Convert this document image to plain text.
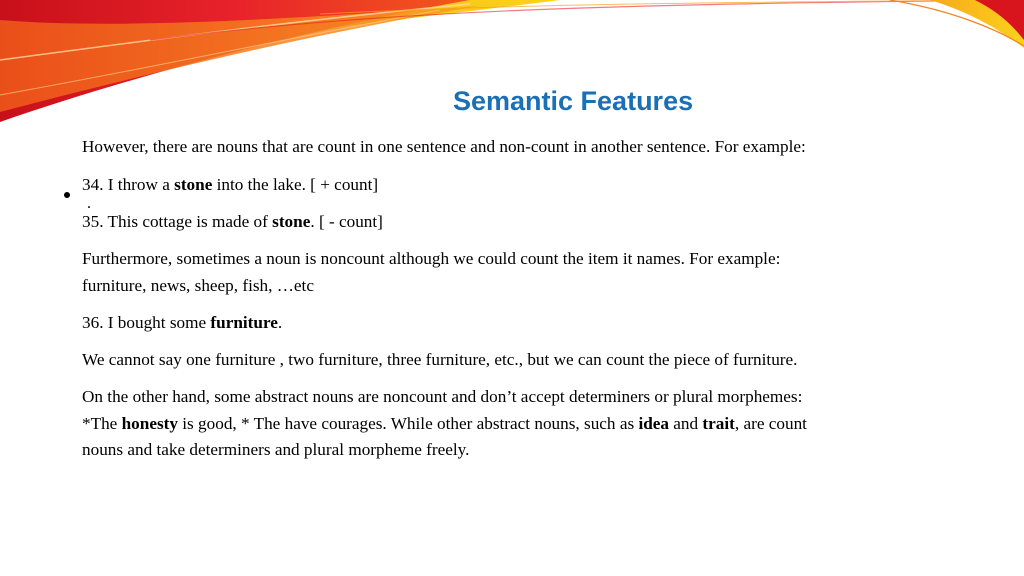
Semantic Features
.

However, there are nouns that are count in one sentence and non-count in another sentence. For example:

34. I throw a stone into the lake. [ + count]

35. This cottage is made of stone. [ - count]

Furthermore, sometimes a noun is noncount although we could count the item it names. For example:
furniture, news, sheep, fish, …etc

36. I bought some furniture.

We cannot say one furniture , two furniture, three furniture, etc., but we can count the piece of furniture.

On the other hand, some abstract nouns are noncount and don’t accept determiners or plural morphemes:
*The honesty is good, * The have courages. While other abstract nouns, such as idea and trait, are count
nouns and take determiners and plural morpheme freely.
